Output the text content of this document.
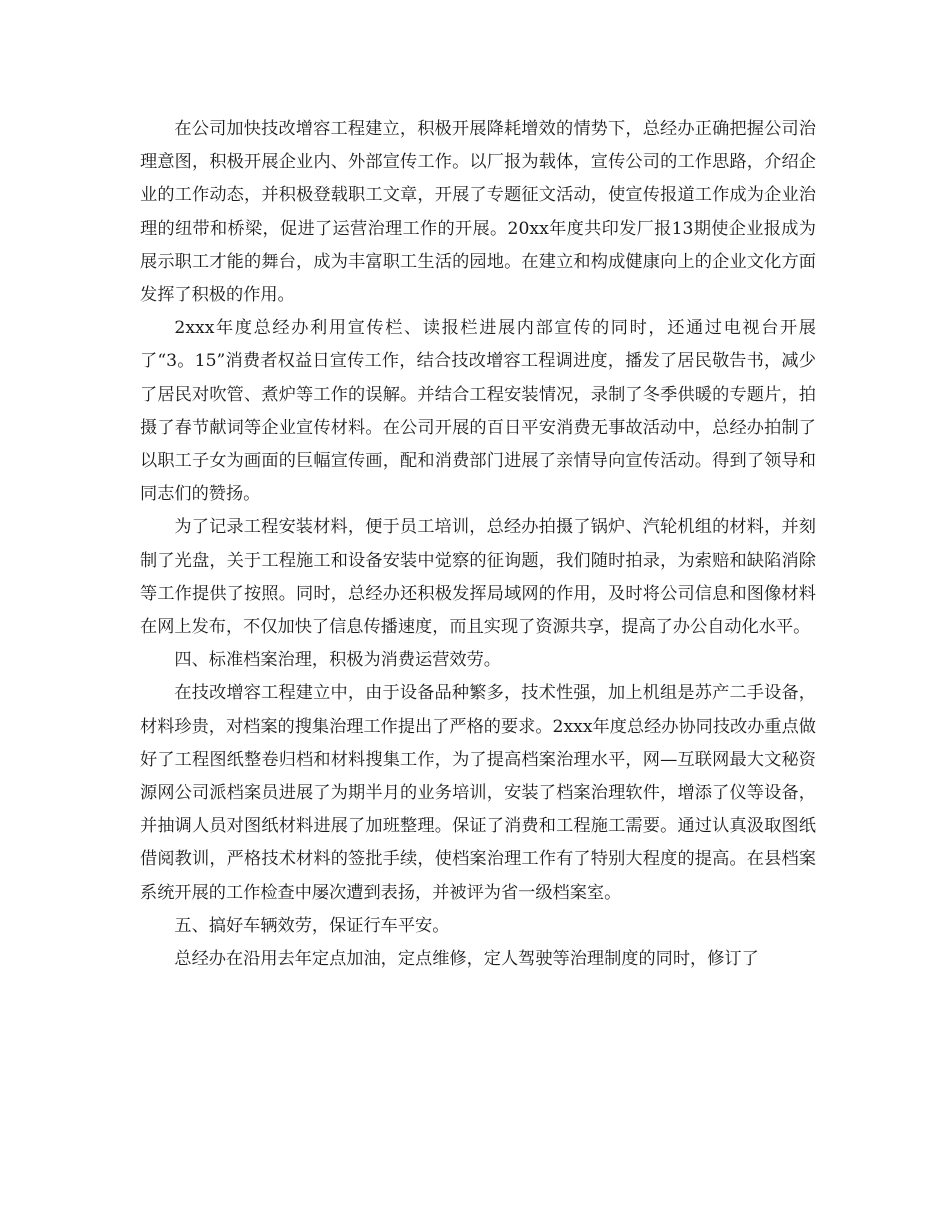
在公司加快技改增容工程建立，积极开展降耗增效的情势下，总经办正确把握公司治理意图，积极开展企业内、外部宣传工作。以厂报为载体，宣传公司的工作思路，介绍企业的工作动态，并积极登载职工文章，开展了专题征文活动，使宣传报道工作成为企业治理的纽带和桥梁，促进了运营治理工作的开展。20xx年度共印发厂报13期使企业报成为展示职工才能的舞台，成为丰富职工生活的园地。在建立和构成健康向上的企业文化方面发挥了积极的作用。

2xxx年度总经办利用宣传栏、读报栏进展内部宣传的同时，还通过电视台开展了“3。15”消费者权益日宣传工作，结合技改增容工程调进度，播发了居民敬告书，减少了居民对吹管、煮炉等工作的误解。并结合工程安装情况，录制了冬季供暖的专题片，拍摄了春节献词等企业宣传材料。在公司开展的百日平安消费无事故活动中，总经办拍制了以职工子女为画面的巨幅宣传画，配和消费部门进展了亲情导向宣传活动。得到了领导和同志们的赞扬。

为了记录工程安装材料，便于员工培训，总经办拍摄了锅炉、汽轮机组的材料，并刻制了光盘，关于工程施工和设备安装中觉察的征询题，我们随时拍录，为索赔和缺陷消除等工作提供了按照。同时，总经办还积极发挥局域网的作用，及时将公司信息和图像材料在网上发布，不仅加快了信息传播速度，而且实现了资源共享，提高了办公自动化水平。

四、标准档案治理，积极为消费运营效劳。

在技改增容工程建立中，由于设备品种繁多，技术性强，加上机组是苏产二手设备，材料珍贵，对档案的搜集治理工作提出了严格的要求。2xxx年度总经办协同技改办重点做好了工程图纸整卷归档和材料搜集工作，为了提高档案治理水平，网—互联网最大文秘资源网公司派档案员进展了为期半月的业务培训，安装了档案治理软件，增添了仪等设备，并抽调人员对图纸材料进展了加班整理。保证了消费和工程施工需要。通过认真汲取图纸借阅教训，严格技术材料的签批手续，使档案治理工作有了特别大程度的提高。在县档案系统开展的工作检查中屡次遭到表扬，并被评为省一级档案室。

五、搞好车辆效劳，保证行车平安。

总经办在沿用去年定点加油，定点维修，定人驾驶等治理制度的同时，修订了
